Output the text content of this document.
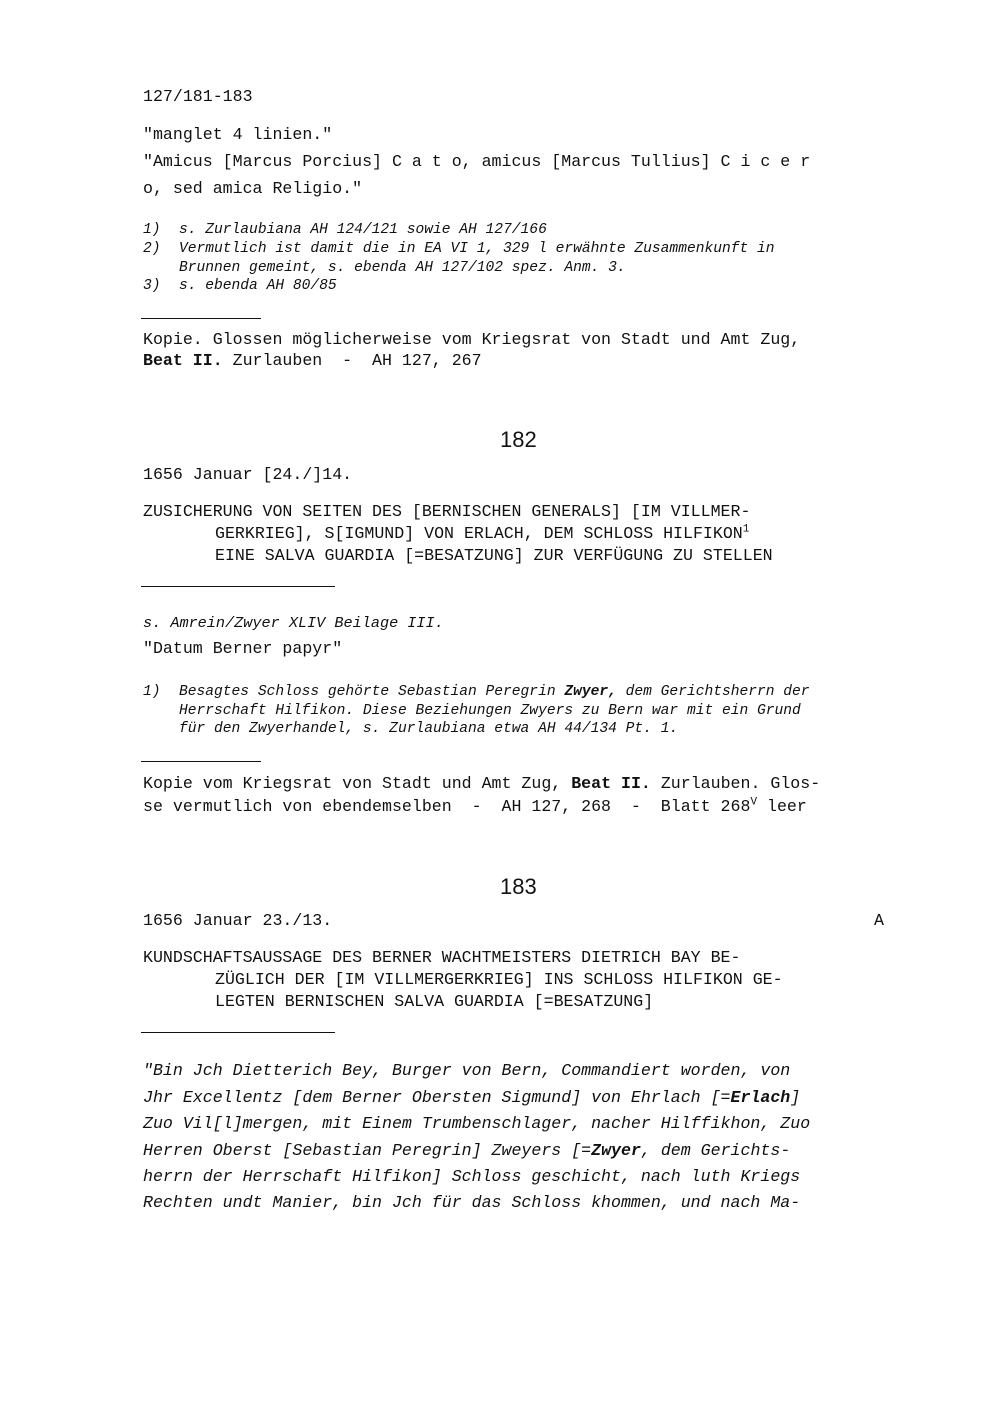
127/181-183
"manglet 4 linien."
"Amicus [Marcus Porcius] C a t o, amicus [Marcus Tullius] C i c e r
o, sed amica Religio."
1) s. Zurlaubiana AH 124/121 sowie AH 127/166
2) Vermutlich ist damit die in EA VI 1, 329 l erwähnte Zusammenkunft in
Brunnen gemeint, s. ebenda AH 127/102 spez. Anm. 3.
3) s. ebenda AH 80/85
Kopie. Glossen möglicherweise vom Kriegsrat von Stadt und Amt Zug,
Beat II. Zurlauben  -  AH 127, 267
182
1656 Januar [24./]14.
ZUSICHERUNG VON SEITEN DES [BERNISCHEN GENERALS] [IM VILLMER-
GERKRIEG], S[IGMUND] VON ERLACH, DEM SCHLOSS HILFIKON$^1$
EINE SALVA GUARDIA [=BESATZUNG] ZUR VERFÜGUNG ZU STELLEN
s. Amrein/Zwyer XLIV Beilage III.
"Datum Berner papyr"
1) Besagtes Schloss gehörte Sebastian Peregrin Zwyer, dem Gerichtsherrn der
Herrschaft Hilfikon. Diese Beziehungen Zwyers zu Bern war mit ein Grund
für den Zwyerhandel, s. Zurlaubiana etwa AH 44/134 Pt. 1.
Kopie vom Kriegsrat von Stadt und Amt Zug, Beat II. Zurlauben. Glos-
se vermutlich von ebendemselben  -  AH 127, 268  -  Blatt $268^V$ leer
183
1656 Januar 23./13.	A
KUNDSCHAFTSAUSSAGE DES BERNER WACHTMEISTERS DIETRICH BAY BE-
ZÜGLICH DER [IM VILLMERGERKRIEG] INS SCHLOSS HILFIKON GE-
LEGTEN BERNISCHEN SALVA GUARDIA [=BESATZUNG]
"Bin Jch Dietterich Bey, Burger von Bern, Commandiert worden, von
Jhr Excellentz [dem Berner Obersten Sigmund] von Ehrlach [=Erlach]
Zuo Vil[l]mergen, mit Einem Trumbenschlager, nacher Hilffikhon, Zuo
Herren Oberst [Sebastian Peregrin] Zweyers [=Zwyer, dem Gerichts-
herrn der Herrschaft Hilfikon] Schloss geschicht, nach luth Kriegs
Rechten undt Manier, bin Jch für das Schloss khommen, und nach Ma-
